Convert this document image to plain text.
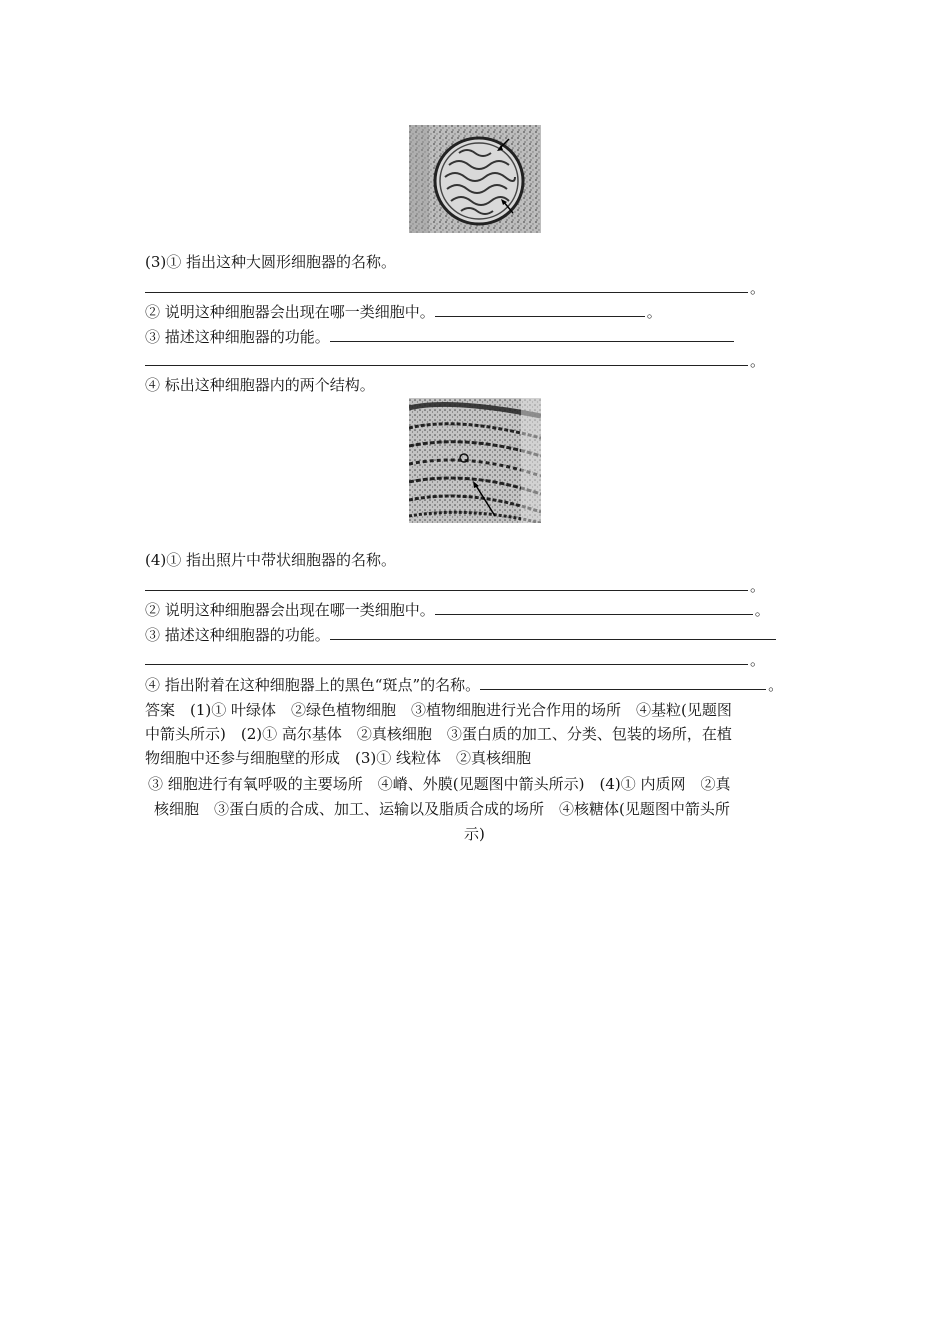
(3)① 指出这种大圆形细胞器的名称。
。
② 说明这种细胞器会出现在哪一类细胞中。	。
③ 描述这种细胞器的功能。
。
④ 标出这种细胞器内的两个结构。
(4)① 指出照片中带状细胞器的名称。
。
② 说明这种细胞器会出现在哪一类细胞中。	。
③ 描述这种细胞器的功能。
。
④ 指出附着在这种细胞器上的黑色“斑点”的名称。	。
答案　(1)① 叶绿体　②绿色植物细胞　③植物细胞进行光合作用的场所　④基粒(见题图
中箭头所示)　(2)① 高尔基体　②真核细胞　③蛋白质的加工、分类、包装的场所，在植
物细胞中还参与细胞壁的形成　(3)① 线粒体　②真核细胞
③ 细胞进行有氧呼吸的主要场所　④嵴、外膜(见题图中箭头所示)　(4)① 内质网　②真
核细胞　③蛋白质的合成、加工、运输以及脂质合成的场所　④核糖体(见题图中箭头所
示)
